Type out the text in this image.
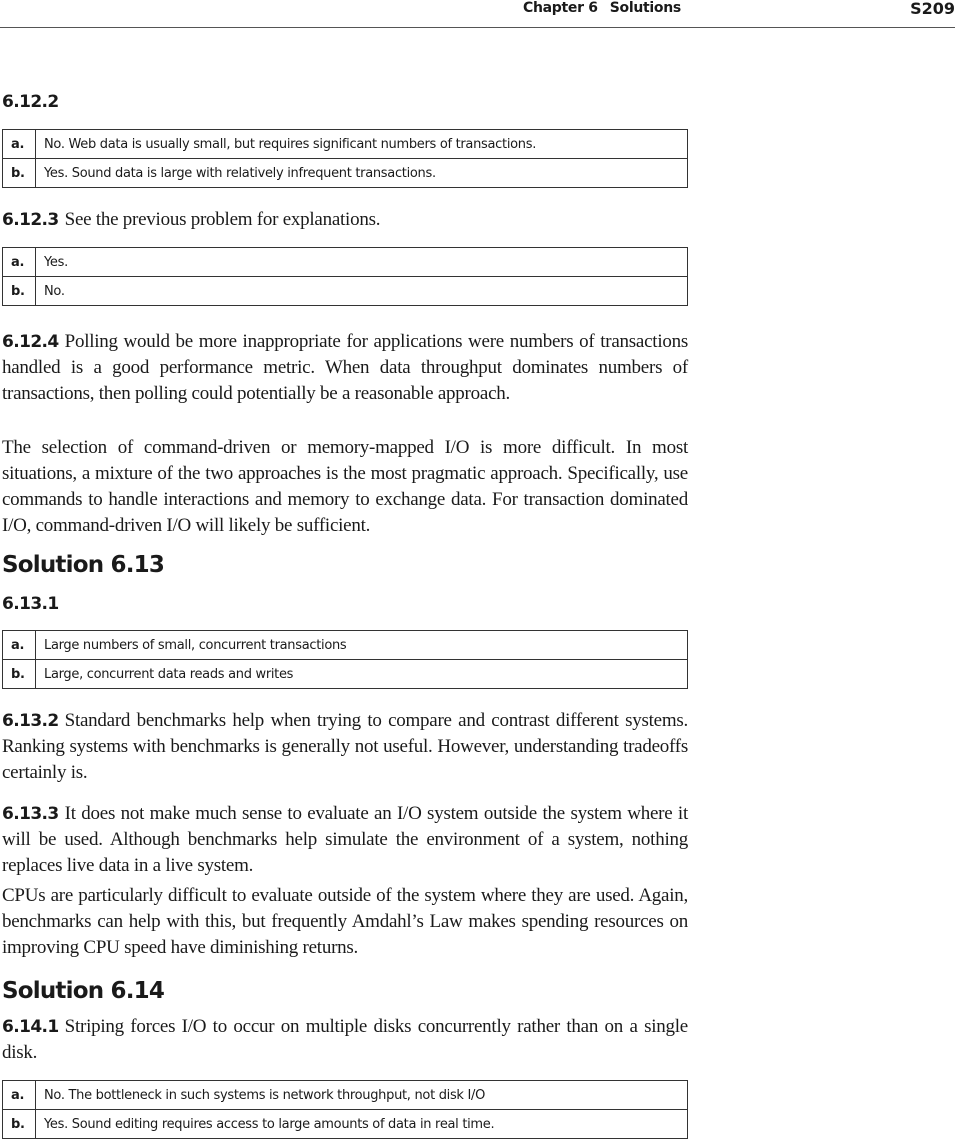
Chapter 6 Solutions	S209
6.12.2
a.	No. Web data is usually small, but requires significant numbers of transactions.
b.	Yes. Sound data is large with relatively infrequent transactions.

6.12.3 See the previous problem for explanations.

a.	Yes.
b.	No.

6.12.4 Polling would be more inappropriate for applications were numbers of transactions handled is a good performance metric. When data throughput dominates numbers of transactions, then polling could potentially be a reasonable approach.

The selection of command-driven or memory-mapped I/O is more difficult. In most situations, a mixture of the two approaches is the most pragmatic approach. Specifically, use commands to handle interactions and memory to exchange data. For transaction dominated I/O, command-driven I/O will likely be sufficient.

Solution 6.13
6.13.1
a.	Large numbers of small, concurrent transactions
b.	Large, concurrent data reads and writes

6.13.2 Standard benchmarks help when trying to compare and contrast different systems. Ranking systems with benchmarks is generally not useful. However, understanding tradeoffs certainly is.

6.13.3 It does not make much sense to evaluate an I/O system outside the system where it will be used. Although benchmarks help simulate the environment of a system, nothing replaces live data in a live system.

CPUs are particularly difficult to evaluate outside of the system where they are used. Again, benchmarks can help with this, but frequently Amdahl’s Law makes spending resources on improving CPU speed have diminishing returns.

Solution 6.14

6.14.1 Striping forces I/O to occur on multiple disks concurrently rather than on a single disk.

a.	No. The bottleneck in such systems is network throughput, not disk I/O
b.	Yes. Sound editing requires access to large amounts of data in real time.
